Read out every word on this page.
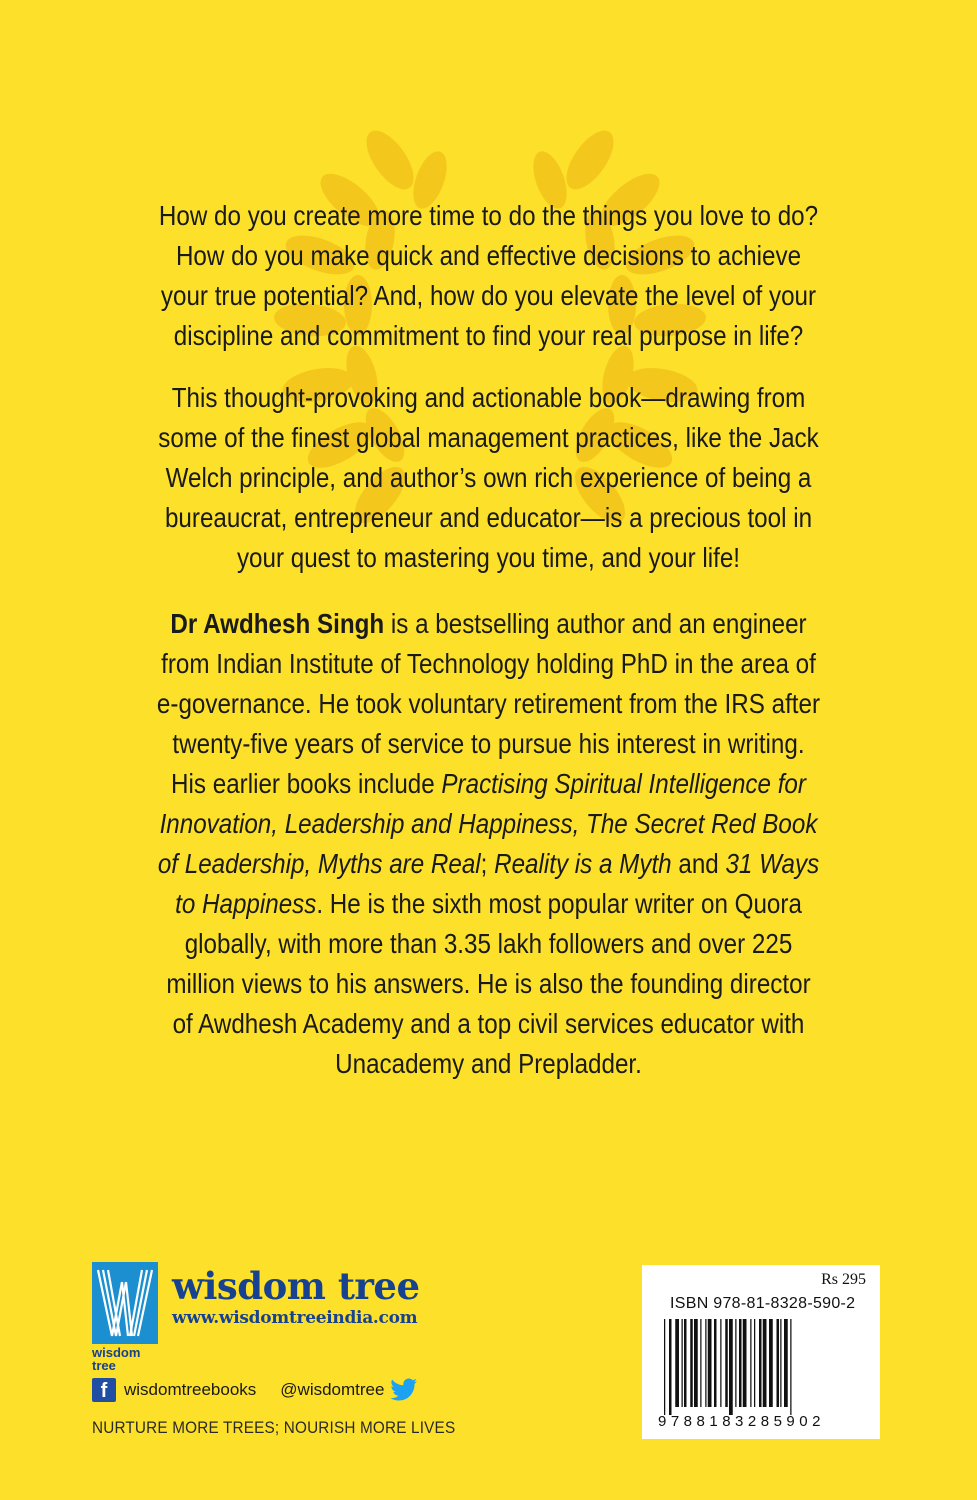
How do you create more time to do the things you love to do? How do you make quick and effective decisions to achieve your true potential? And, how do you elevate the level of your discipline and commitment to find your real purpose in life?

This thought-provoking and actionable book—drawing from some of the finest global management practices, like the Jack Welch principle, and author’s own rich experience of being a bureaucrat, entrepreneur and educator—is a precious tool in your quest to mastering you time, and your life!

Dr Awdhesh Singh is a bestselling author and an engineer from Indian Institute of Technology holding PhD in the area of e-governance. He took voluntary retirement from the IRS after twenty-five years of service to pursue his interest in writing. His earlier books include Practising Spiritual Intelligence for Innovation, Leadership and Happiness, The Secret Red Book of Leadership, Myths are Real; Reality is a Myth and 31 Ways to Happiness. He is the sixth most popular writer on Quora globally, with more than 3.35 lakh followers and over 225 million views to his answers. He is also the founding director of Awdhesh Academy and a top civil services educator with Unacademy and Prepladder.

wisdom
tree
wisdom tree
www.wisdomtreeindia.com
f wisdomtreebooks @wisdomtree
NURTURE MORE TREES; NOURISH MORE LIVES
Rs 295
ISBN 978-81-8328-590-2
9788183285902
